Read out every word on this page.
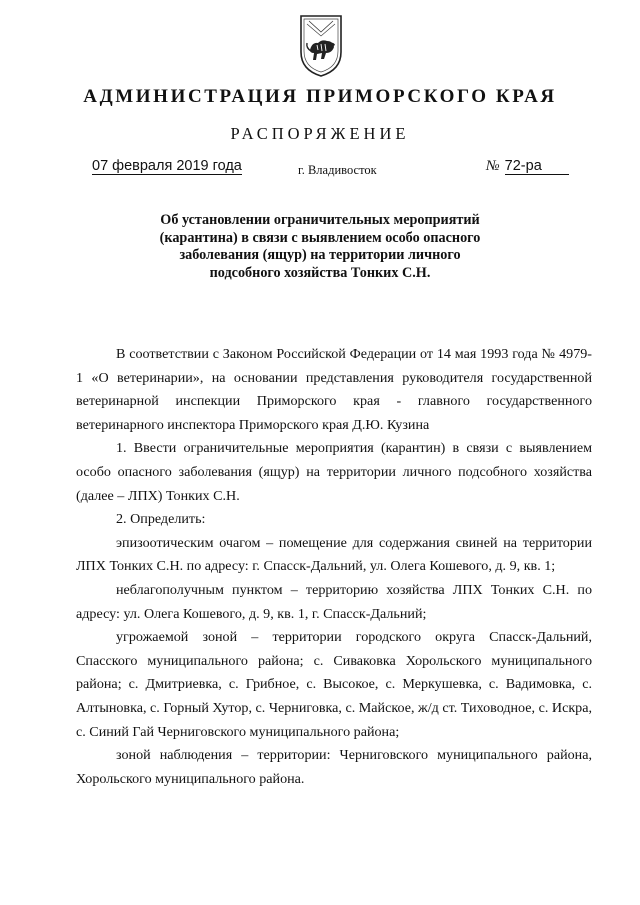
АДМИНИСТРАЦИЯ ПРИМОРСКОГО КРАЯ
РАСПОРЯЖЕНИЕ
07 февраля 2019 года	г. Владивосток	№ 72-ра
Об установлении ограничительных мероприятий
(карантина) в связи с выявлением особо опасного
заболевания (ящур) на территории личного
подсобного хозяйства Тонких С.Н.

В соответствии с Законом Российской Федерации от 14 мая 1993 года № 4979-1 «О ветеринарии», на основании представления руководителя государственной ветеринарной инспекции Приморского края - главного государственного ветеринарного инспектора Приморского края Д.Ю. Кузина

1. Ввести ограничительные мероприятия (карантин) в связи с выявлением особо опасного заболевания (ящур) на территории личного подсобного хозяйства (далее – ЛПХ) Тонких С.Н.

2. Определить:

эпизоотическим очагом – помещение для содержания свиней на территории ЛПХ Тонких С.Н. по адресу: г. Спасск-Дальний, ул. Олега Кошевого, д. 9, кв. 1;

неблагополучным пунктом – территорию хозяйства ЛПХ Тонких С.Н. по адресу: ул. Олега Кошевого, д. 9, кв. 1, г. Спасск-Дальний;

угрожаемой зоной – территории городского округа Спасск-Дальний, Спасского муниципального района; с. Сиваковка Хорольского муниципального района; с. Дмитриевка, с. Грибное, с. Высокое, с. Меркушевка, с. Вадимовка, с. Алтыновка, с. Горный Хутор, с. Черниговка, с. Майское, ж/д ст. Тиховодное, с. Искра, с. Синий Гай Черниговского муниципального района;

зоной наблюдения – территории: Черниговского муниципального района, Хорольского муниципального района.
